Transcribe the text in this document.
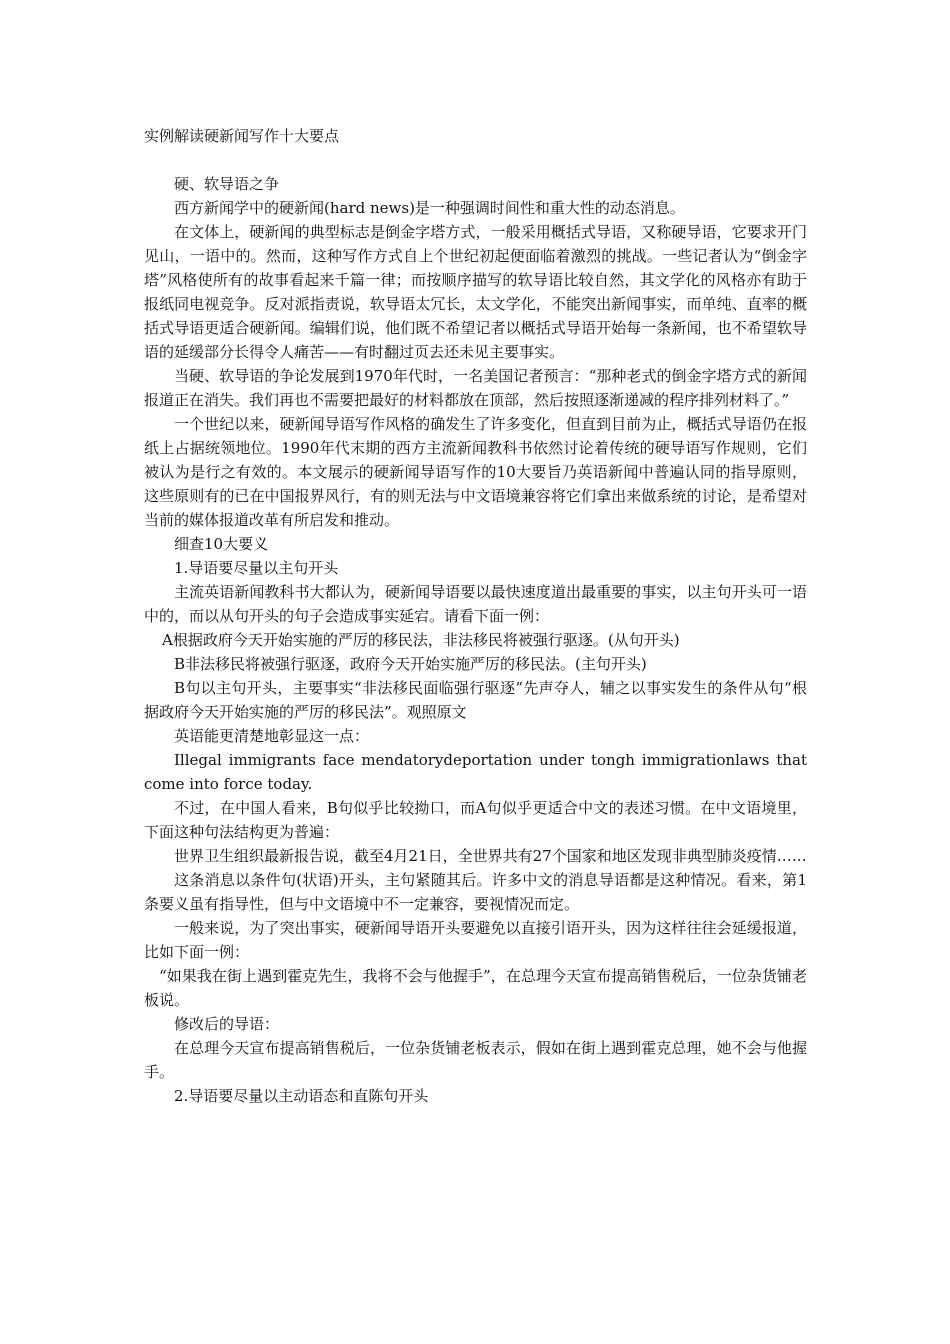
实例解读硬新闻写作十大要点

硬、软导语之争

西方新闻学中的硬新闻(hard news)是一种强调时间性和重大性的动态消息。

在文体上，硬新闻的典型标志是倒金字塔方式，一般采用概括式导语，又称硬导语，它要求开门见山，一语中的。然而，这种写作方式自上个世纪初起便面临着激烈的挑战。一些记者认为“倒金字塔”风格使所有的故事看起来千篇一律；而按顺序描写的软导语比较自然，其文学化的风格亦有助于报纸同电视竞争。反对派指责说，软导语太冗长，太文学化，不能突出新闻事实，而单纯、直率的概括式导语更适合硬新闻。编辑们说，他们既不希望记者以概括式导语开始每一条新闻，也不希望软导语的延缓部分长得令人痛苦——有时翻过页去还未见主要事实。

当硬、软导语的争论发展到1970年代时，一名美国记者预言：“那种老式的倒金字塔方式的新闻报道正在消失。我们再也不需要把最好的材料都放在顶部，然后按照逐渐递减的程序排列材料了。”

一个世纪以来，硬新闻导语写作风格的确发生了许多变化，但直到目前为止，概括式导语仍在报纸上占据统领地位。1990年代末期的西方主流新闻教科书依然讨论着传统的硬导语写作规则，它们被认为是行之有效的。本文展示的硬新闻导语写作的10大要旨乃英语新闻中普遍认同的指导原则，这些原则有的已在中国报界风行，有的则无法与中文语境兼容将它们拿出来做系统的讨论，是希望对当前的媒体报道改革有所启发和推动。

细查10大要义

1.导语要尽量以主句开头

主流英语新闻教科书大都认为，硬新闻导语要以最快速度道出最重要的事实，以主句开头可一语中的，而以从句开头的句子会造成事实延宕。请看下面一例：

A根据政府今天开始实施的严厉的移民法，非法移民将被强行驱逐。(从句开头)

B非法移民将被强行驱逐，政府今天开始实施严厉的移民法。(主句开头)

B句以主句开头，主要事实“非法移民面临强行驱逐”先声夺人，辅之以事实发生的条件从句“根据政府今天开始实施的严厉的移民法”。观照原文

英语能更清楚地彰显这一点：

Illegal immigrants face mendatorydeportation under tongh immigrationlaws that come into force today.

不过，在中国人看来，B句似乎比较拗口，而A句似乎更适合中文的表述习惯。在中文语境里，下面这种句法结构更为普遍：

世界卫生组织最新报告说，截至4月21日，全世界共有27个国家和地区发现非典型肺炎疫情……

这条消息以条件句(状语)开头，主句紧随其后。许多中文的消息导语都是这种情况。看来，第1条要义虽有指导性，但与中文语境中不一定兼容，要视情况而定。

一般来说，为了突出事实，硬新闻导语开头要避免以直接引语开头，因为这样往往会延缓报道，比如下面一例：

“如果我在街上遇到霍克先生，我将不会与他握手”，在总理今天宣布提高销售税后，一位杂货铺老板说。

修改后的导语：

在总理今天宣布提高销售税后，一位杂货铺老板表示，假如在街上遇到霍克总理，她不会与他握手。

2.导语要尽量以主动语态和直陈句开头
